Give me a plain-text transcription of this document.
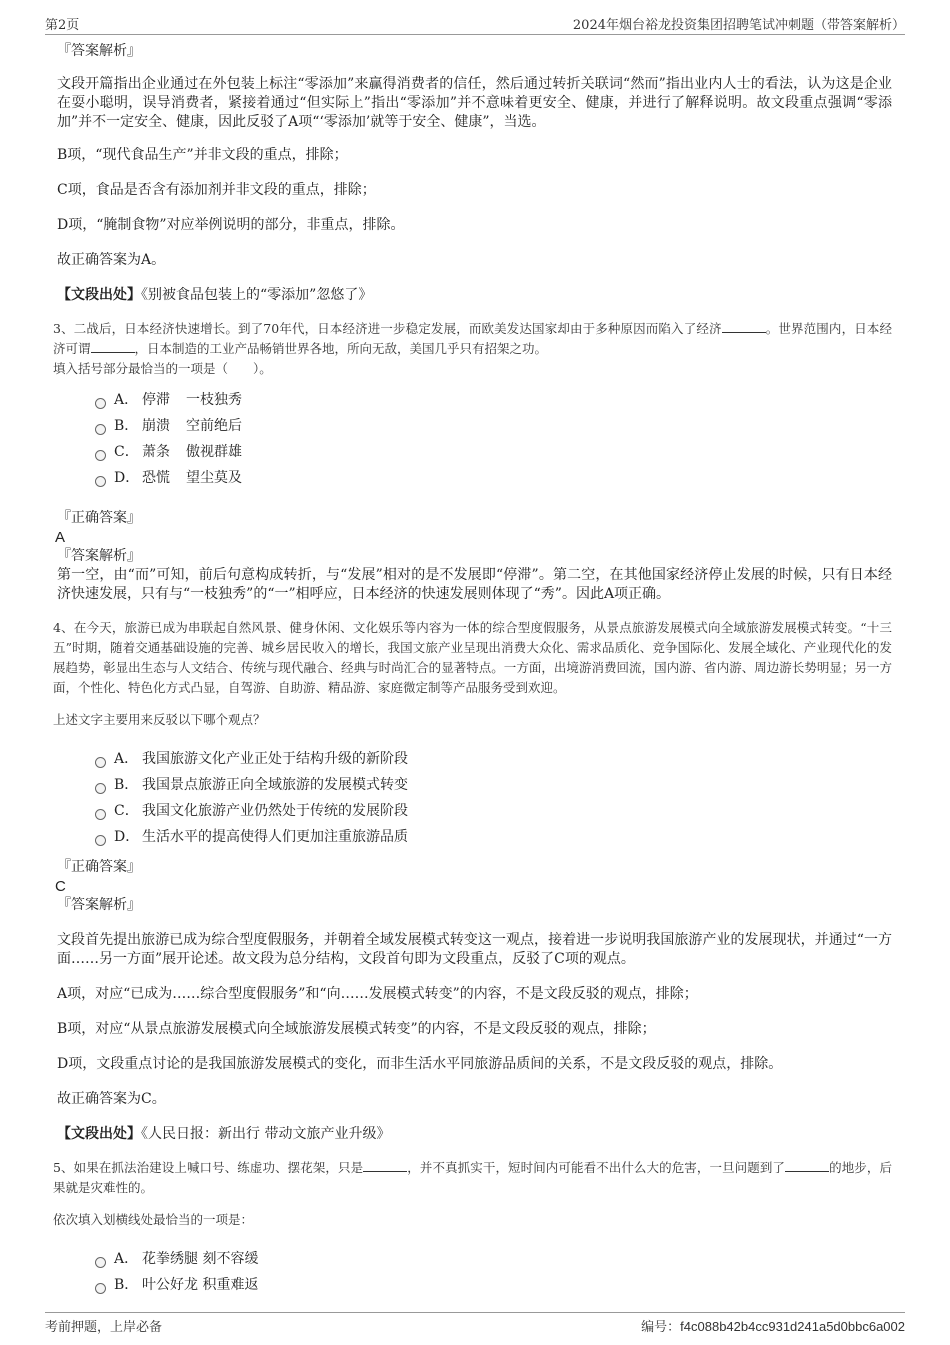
第2页	2024年烟台裕龙投资集团招聘笔试冲刺题（带答案解析）

『答案解析』

文段开篇指出企业通过在外包装上标注“零添加”来赢得消费者的信任，然后通过转折关联词“然而”指出业内人士的看法，认为这是企业在耍小聪明，误导消费者，紧接着通过“但实际上”指出“零添加”并不意味着更安全、健康，并进行了解释说明。故文段重点强调“零添加”并不一定安全、健康，因此反驳了A项“‘零添加’就等于安全、健康”，当选。

B项，“现代食品生产”并非文段的重点，排除；

C项，食品是否含有添加剂并非文段的重点，排除；

D项，“腌制食物”对应举例说明的部分，非重点，排除。

故正确答案为A。

【文段出处】《别被食品包装上的“零添加”忽悠了》

3、二战后，日本经济快速增长。到了70年代，日本经济进一步稳定发展，而欧美发达国家却由于多种原因而陷入了经济	。世界范围内，日本经济可谓	，日本制造的工业产品畅销世界各地，所向无敌，美国几乎只有招架之功。

填入括号部分最恰当的一项是（　　）。

A． 停滞 一枝独秀
B． 崩溃 空前绝后
C． 萧条 傲视群雄
D． 恐慌 望尘莫及

『正确答案』

A

『答案解析』

第一空，由“而”可知，前后句意构成转折，与“发展”相对的是不发展即“停滞”。第二空，在其他国家经济停止发展的时候，只有日本经济快速发展，只有与“一枝独秀”的“一”相呼应，日本经济的快速发展则体现了“秀”。因此A项正确。

4、在今天，旅游已成为串联起自然风景、健身休闲、文化娱乐等内容为一体的综合型度假服务，从景点旅游发展模式向全域旅游发展模式转变。“十三五”时期，随着交通基础设施的完善、城乡居民收入的增长，我国文旅产业呈现出消费大众化、需求品质化、竞争国际化、发展全域化、产业现代化的发展趋势，彰显出生态与人文结合、传统与现代融合、经典与时尚汇合的显著特点。一方面，出境游消费回流，国内游、省内游、周边游长势明显；另一方面，个性化、特色化方式凸显，自驾游、自助游、精品游、家庭微定制等产品服务受到欢迎。

上述文字主要用来反驳以下哪个观点？

A． 我国旅游文化产业正处于结构升级的新阶段
B． 我国景点旅游正向全域旅游的发展模式转变
C． 我国文化旅游产业仍然处于传统的发展阶段
D． 生活水平的提高使得人们更加注重旅游品质

『正确答案』

C

『答案解析』

文段首先提出旅游已成为综合型度假服务，并朝着全域发展模式转变这一观点，接着进一步说明我国旅游产业的发展现状，并通过“一方面……另一方面”展开论述。故文段为总分结构，文段首句即为文段重点，反驳了C项的观点。

A项，对应“已成为……综合型度假服务”和“向……发展模式转变”的内容，不是文段反驳的观点，排除；

B项，对应“从景点旅游发展模式向全域旅游发展模式转变”的内容，不是文段反驳的观点，排除；

D项，文段重点讨论的是我国旅游发展模式的变化，而非生活水平同旅游品质间的关系，不是文段反驳的观点，排除。

故正确答案为C。

【文段出处】《人民日报：新出行 带动文旅产业升级》

5、如果在抓法治建设上喊口号、练虚功、摆花架，只是	，并不真抓实干，短时间内可能看不出什么大的危害，一旦问题到了	的地步，后果就是灾难性的。

依次填入划横线处最恰当的一项是：

A． 花拳绣腿 刻不容缓
B． 叶公好龙 积重难返
考前押题，上岸必备	编号：f4c088b42b4cc931d241a5d0bbc6a002
